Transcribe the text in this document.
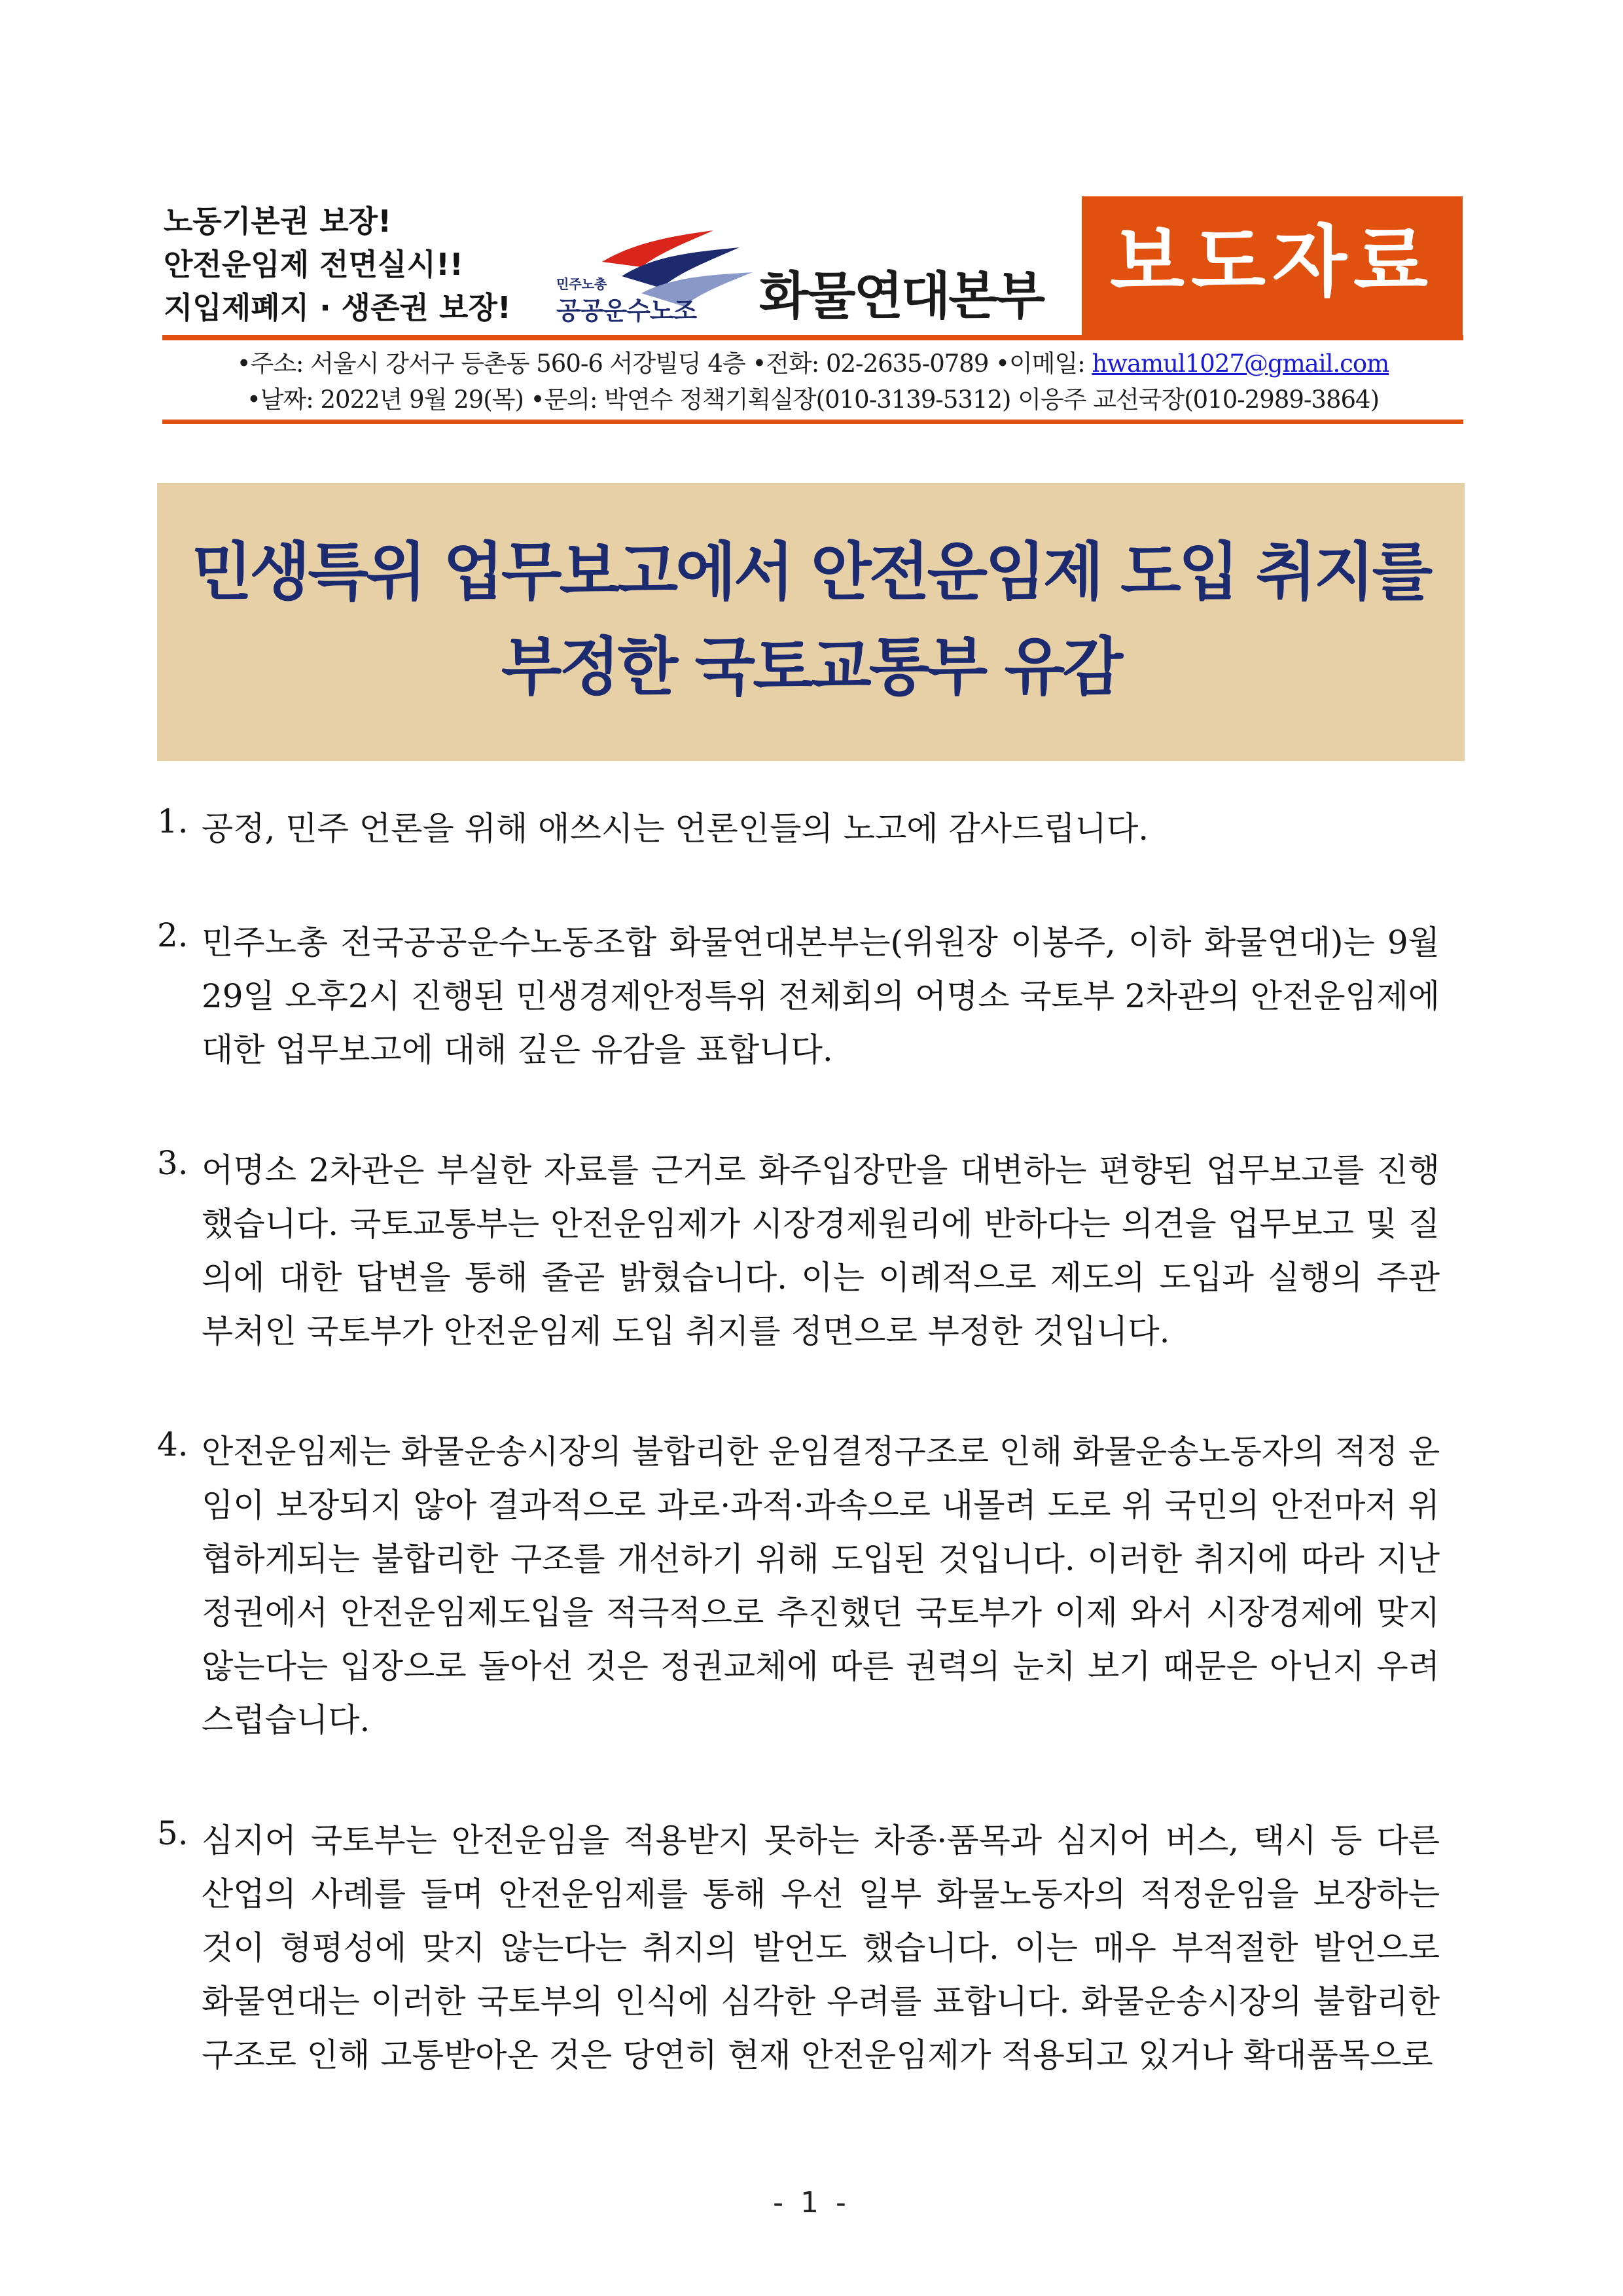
노동기본권 보장!
안전운임제 전면실시!!
지입제폐지 · 생존권 보장!
민주노총
공공운수노조 화물연대본부 보도자료
•주소: 서울시 강서구 등촌동 560-6 서강빌딩 4층 •전화: 02-2635-0789 •이메일: hwamul1027@gmail.com
•날짜: 2022년 9월 29(목) •문의: 박연수 정책기획실장(010-3139-5312) 이응주 교선국장(010-2989-3864)
민생특위 업무보고에서 안전운임제 도입 취지를
부정한 국토교통부 유감
1. 공정, 민주 언론을 위해 애쓰시는 언론인들의 노고에 감사드립니다.
2. 민주노총 전국공공운수노동조합 화물연대본부는(위원장 이봉주, 이하 화물연대)는 9월
29일 오후2시 진행된 민생경제안정특위 전체회의 어명소 국토부 2차관의 안전운임제에
대한 업무보고에 대해 깊은 유감을 표합니다.
3. 어명소 2차관은 부실한 자료를 근거로 화주입장만을 대변하는 편향된 업무보고를 진행
했습니다. 국토교통부는 안전운임제가 시장경제원리에 반하다는 의견을 업무보고 및 질
의에 대한 답변을 통해 줄곧 밝혔습니다. 이는 이례적으로 제도의 도입과 실행의 주관
부처인 국토부가 안전운임제 도입 취지를 정면으로 부정한 것입니다.
4. 안전운임제는 화물운송시장의 불합리한 운임결정구조로 인해 화물운송노동자의 적정 운
임이 보장되지 않아 결과적으로 과로·과적·과속으로 내몰려 도로 위 국민의 안전마저 위
협하게되는 불합리한 구조를 개선하기 위해 도입된 것입니다. 이러한 취지에 따라 지난
정권에서 안전운임제도입을 적극적으로 추진했던 국토부가 이제 와서 시장경제에 맞지
않는다는 입장으로 돌아선 것은 정권교체에 따른 권력의 눈치 보기 때문은 아닌지 우려
스럽습니다.
5. 심지어 국토부는 안전운임을 적용받지 못하는 차종·품목과 심지어 버스, 택시 등 다른
산업의 사례를 들며 안전운임제를 통해 우선 일부 화물노동자의 적정운임을 보장하는
것이 형평성에 맞지 않는다는 취지의 발언도 했습니다. 이는 매우 부적절한 발언으로
화물연대는 이러한 국토부의 인식에 심각한 우려를 표합니다. 화물운송시장의 불합리한
구조로 인해 고통받아온 것은 당연히 현재 안전운임제가 적용되고 있거나 확대품목으로
- 1 -
